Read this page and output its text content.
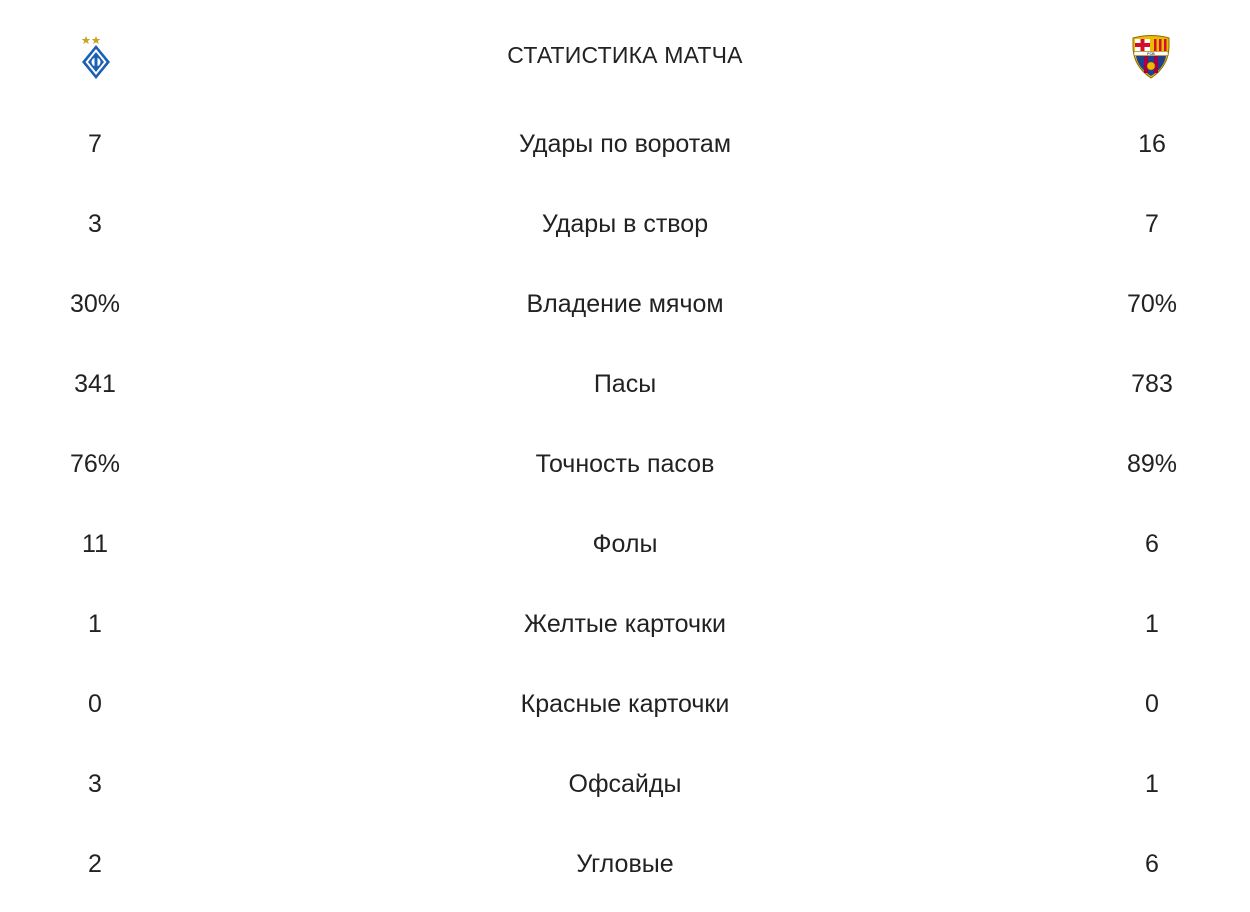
СТАТИСТИКА МАТЧА	FCB
7	Удары по воротам	16
3	Удары в створ	7
30%	Владение мячом	70%
341	Пасы	783
76%	Точность пасов	89%
11	Фолы	6
1	Желтые карточки	1
0	Красные карточки	0
3	Офсайды	1
2	Угловые	6
